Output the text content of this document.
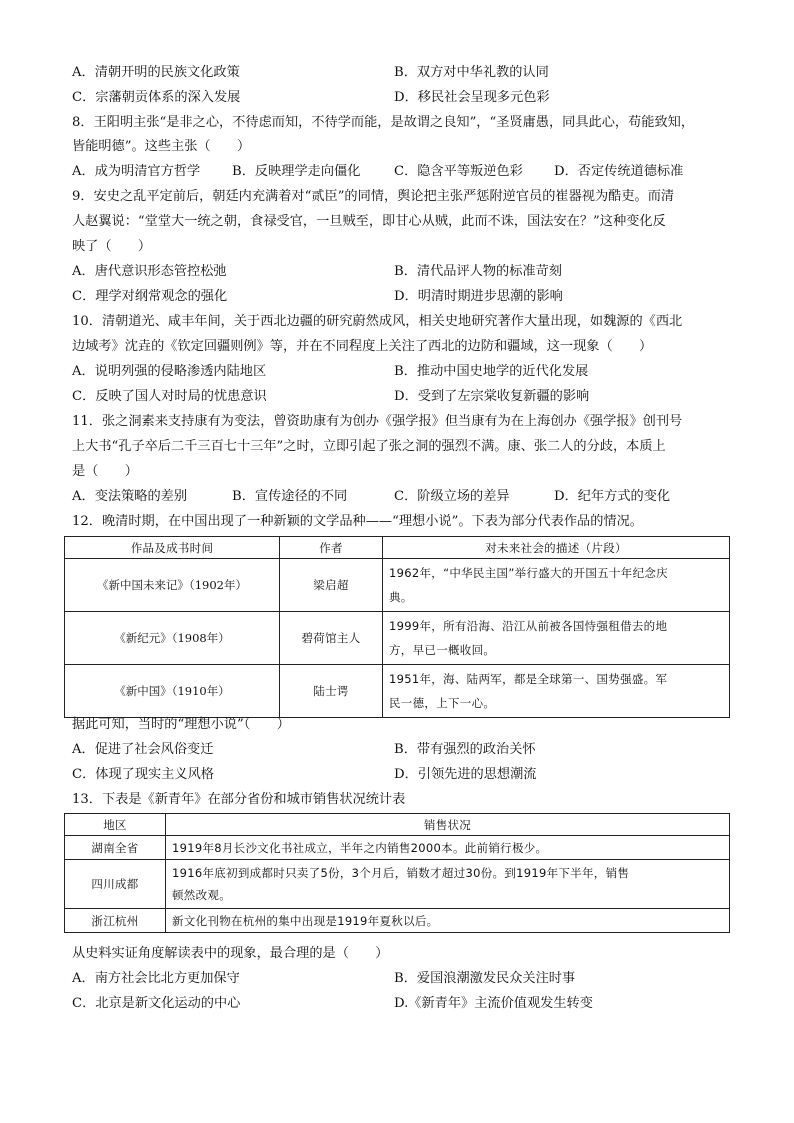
A．清朝开明的民族文化政策	B．双方对中华礼教的认同
C．宗藩朝贡体系的深入发展	D．移民社会呈现多元色彩
8．王阳明主张“是非之心，不待虑而知，不待学而能，是故谓之良知”，“圣贤庸愚，同具此心，苟能致知，
皆能明德”。这些主张（　　）
A．成为明清官方哲学 B．反映理学走向僵化	C．隐含平等叛逆色彩 D．否定传统道德标准
9．安史之乱平定前后，朝廷内充满着对“贰臣”的同情，舆论把主张严惩附逆官员的崔器视为酷吏。而清
人赵翼说：“堂堂大一统之朝，食禄受官，一旦贼至，即甘心从贼，此而不诛，国法安在？”这种变化反
映了（　　）
A．唐代意识形态管控松弛	B．清代品评人物的标准苛刻
C．理学对纲常观念的强化	D．明清时期进步思潮的影响
10．清朝道光、咸丰年间，关于西北边疆的研究蔚然成风，相关史地研究著作大量出现，如魏源的《西北
边域考》沈垚的《钦定回疆则例》等，并在不同程度上关注了西北的边防和疆域，这一现象（　　）
A．说明列强的侵略渗透内陆地区	B．推动中国史地学的近代化发展
C．反映了国人对时局的忧患意识	D．受到了左宗棠收复新疆的影响
11．张之洞素来支持康有为变法，曾资助康有为创办《强学报》但当康有为在上海创办《强学报》创刊号
上大书“孔子卒后二千三百七十三年”之时，立即引起了张之洞的强烈不满。康、张二人的分歧，本质上
是（　　）
A．变法策略的差别	B．宣传途径的不同	C．阶级立场的差异	D．纪年方式的变化
12．晚清时期，在中国出现了一种新颖的文学品种——“理想小说”。下表为部分代表作品的情况。
作品及成书时间	作者	对未来社会的描述（片段）
《新中国未来记》（1902年）	梁启超	1962年，“中华民主国”举行盛大的开国五十年纪念庆
典。
《新纪元》（1908年）	碧荷馆主人	1999年，所有沿海、沿江从前被各国恃强租借去的地
方，早已一概收回。
《新中国》（1910年）	陆士谔	1951年，海、陆两军，都是全球第一、国势强盛。军
民一德，上下一心。
据此可知，当时的“理想小说”（　　）
A．促进了社会风俗变迁	B．带有强烈的政治关怀
C．体现了现实主义风格	D．引领先进的思想潮流
13．下表是《新青年》在部分省份和城市销售状况统计表
地区	销售状况
湖南全省	1919年8月长沙文化书社成立，半年之内销售2000本。此前销行极少。
四川成都	1916年底初到成都时只卖了5份，3个月后，销数才超过30份。到1919年下半年，销售
顿然改观。
浙江杭州	新文化刊物在杭州的集中出现是1919年夏秋以后。
从史料实证角度解读表中的现象，最合理的是（　　）
A．南方社会比北方更加保守	B．爱国浪潮激发民众关注时事
C．北京是新文化运动的中心	D.《新青年》主流价值观发生转变
